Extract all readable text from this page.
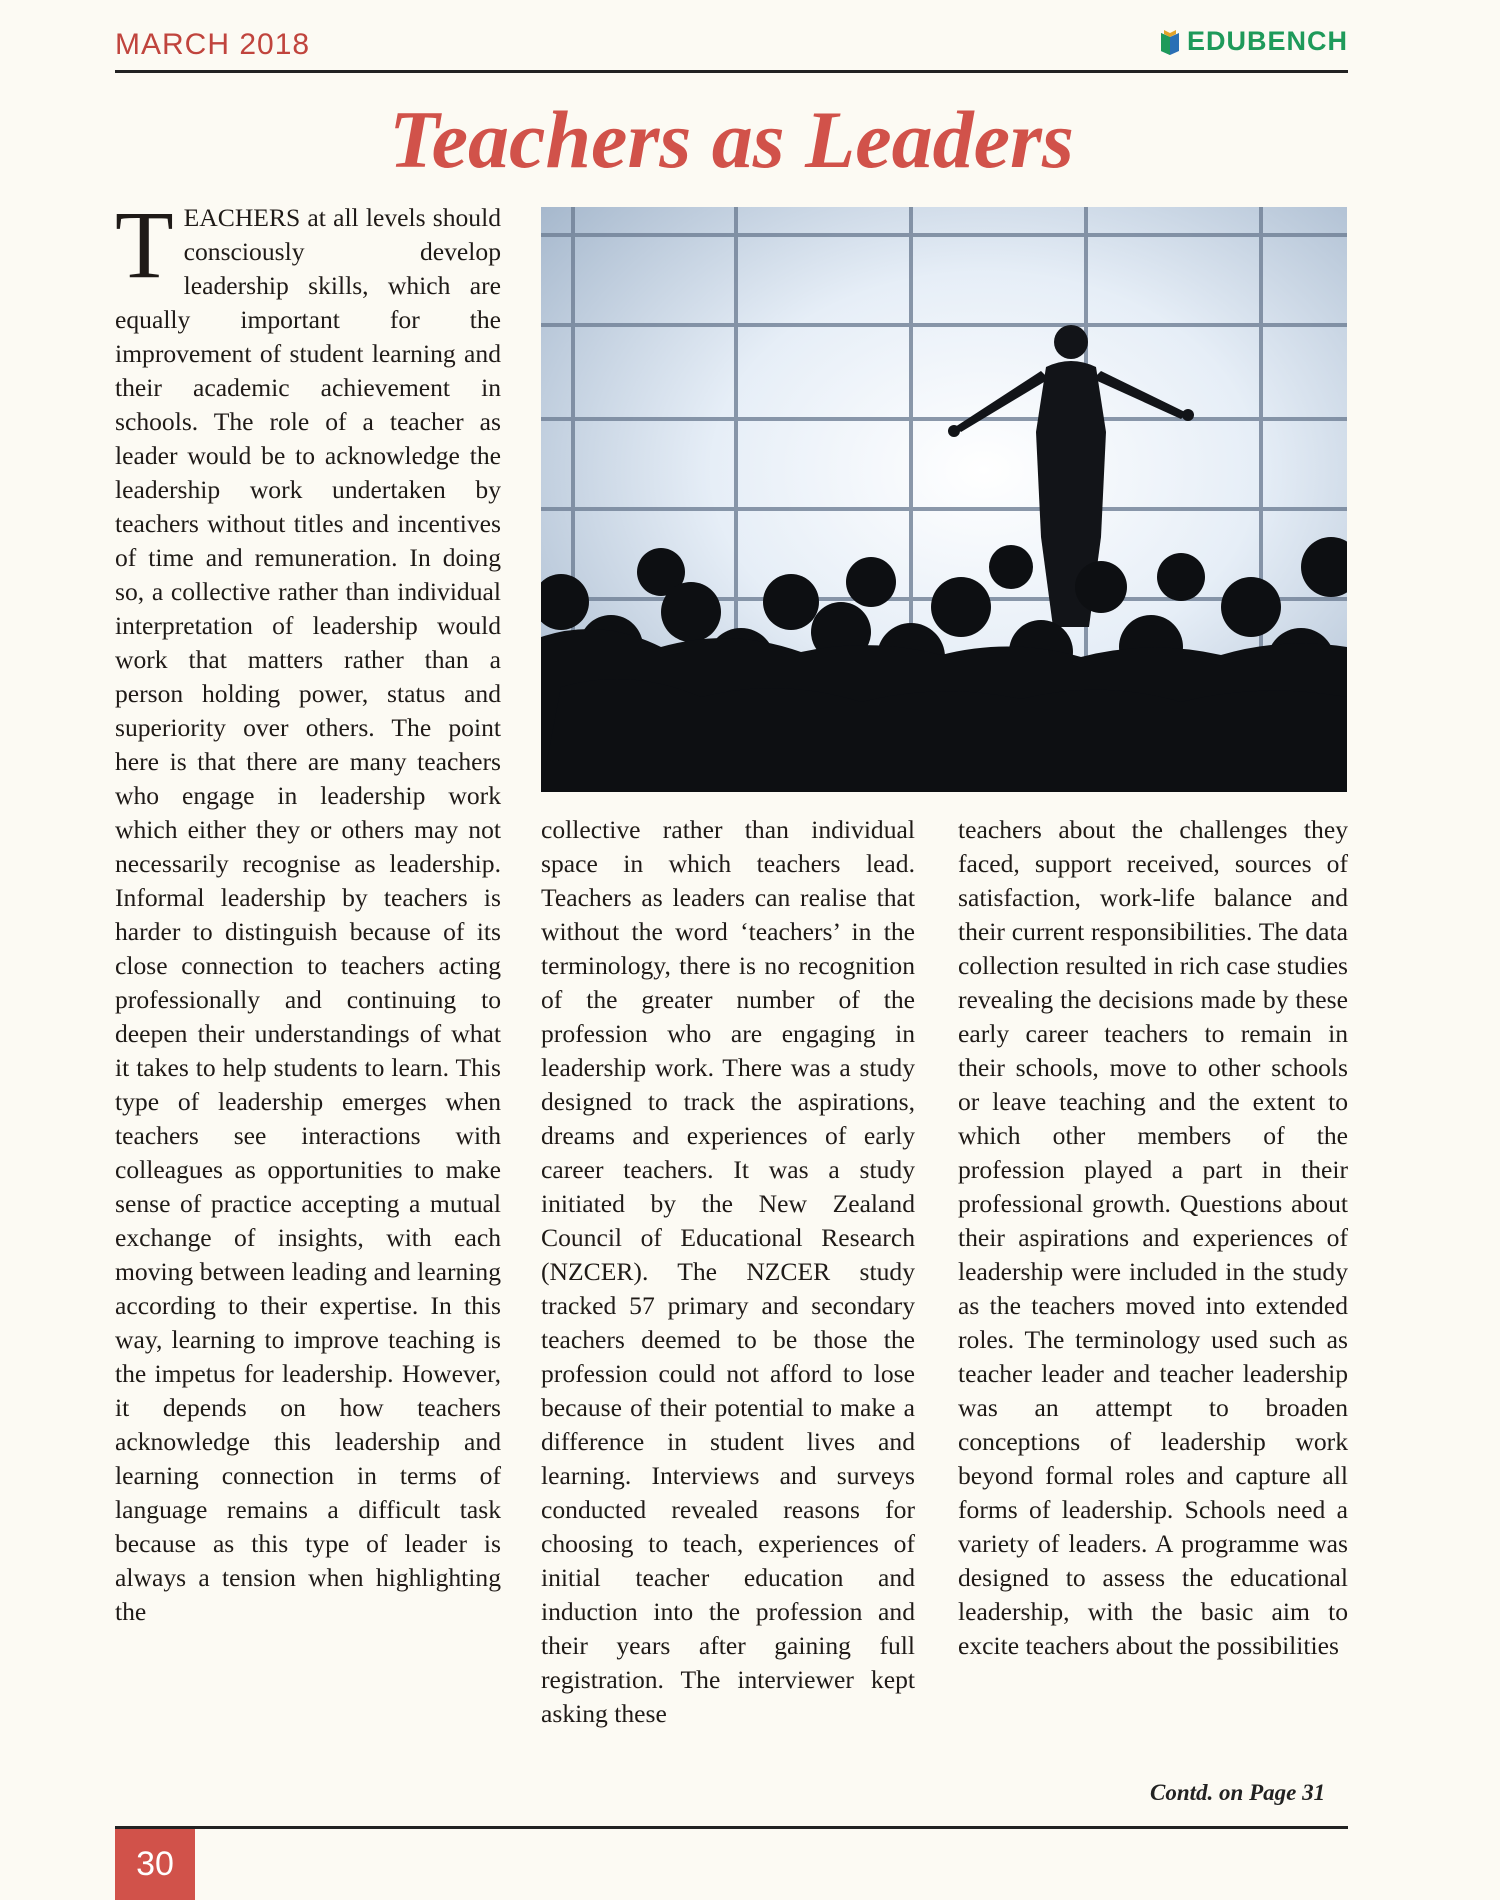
MARCH 2018	EDUBENCH
Teachers as Leaders
TEACHERS at all levels should consciously develop leadership skills, which are equally important for the improvement of student learning and their academic achievement in schools. The role of a teacher as leader would be to acknowledge the leadership work undertaken by teachers without titles and incentives of time and remuneration. In doing so, a collective rather than individual interpretation of leadership would work that matters rather than a person holding power, status and superiority over others. The point here is that there are many teachers who engage in leadership work which either they or others may not necessarily recognise as leadership. Informal leadership by teachers is harder to distinguish because of its close connection to teachers acting professionally and continuing to deepen their understandings of what it takes to help students to learn. This type of leadership emerges when teachers see interactions with colleagues as opportunities to make sense of practice accepting a mutual exchange of insights, with each moving between leading and learning according to their expertise. In this way, learning to improve teaching is the impetus for leadership. However, it depends on how teachers acknowledge this leadership and learning connection in terms of language remains a difficult task because as this type of leader is always a tension when highlighting the
collective rather than individual space in which teachers lead. Teachers as leaders can realise that without the word ‘teachers’ in the terminology, there is no recognition of the greater number of the profession who are engaging in leadership work. There was a study designed to track the aspirations, dreams and experiences of early career teachers. It was a study initiated by the New Zealand Council of Educational Research (NZCER). The NZCER study tracked 57 primary and secondary teachers deemed to be those the profession could not afford to lose because of their potential to make a difference in student lives and learning. Interviews and surveys conducted revealed reasons for choosing to teach, experiences of initial teacher education and induction into the profession and their years after gaining full registration. The interviewer kept asking these
teachers about the challenges they faced, support received, sources of satisfaction, work-life balance and their current responsibilities. The data collection resulted in rich case studies revealing the decisions made by these early career teachers to remain in their schools, move to other schools or leave teaching and the extent to which other members of the profession played a part in their professional growth. Questions about their aspirations and experiences of leadership were included in the study as the teachers moved into extended roles. The terminology used such as teacher leader and teacher leadership was an attempt to broaden conceptions of leadership work beyond formal roles and capture all forms of leadership. Schools need a variety of leaders. A programme was designed to assess the educational leadership, with the basic aim to excite teachers about the possibilities
Contd. on Page 31
30
